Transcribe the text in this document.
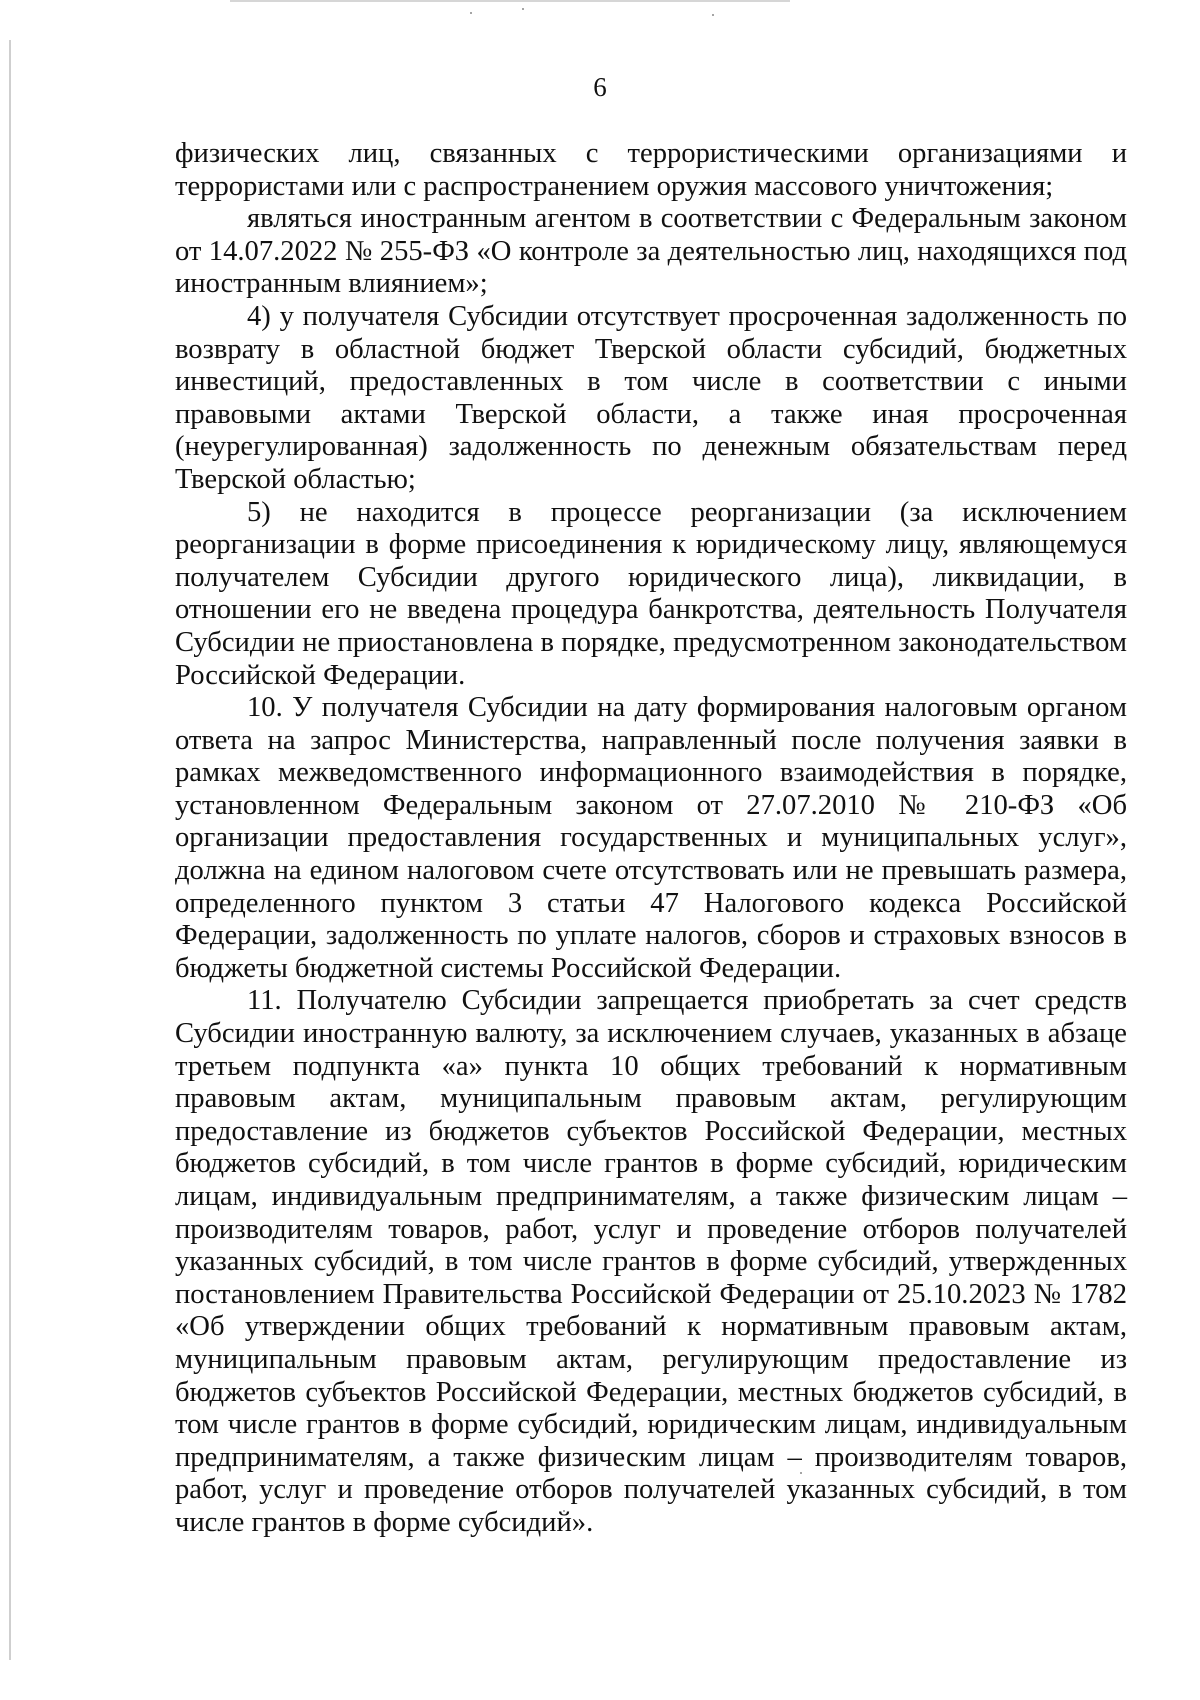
6

физических лиц, связанных с террористическими организациями и террористами или с распространением оружия массового уничтожения;

являться иностранным агентом в соответствии с Федеральным законом от 14.07.2022 № 255-ФЗ «О контроле за деятельностью лиц, находящихся под иностранным влиянием»;

4) у получателя Субсидии отсутствует просроченная задолженность по возврату в областной бюджет Тверской области субсидий, бюджетных инвестиций, предоставленных в том числе в соответствии с иными правовыми актами Тверской области, а также иная просроченная (неурегулированная) задолженность по денежным обязательствам перед Тверской областью;

5) не находится в процессе реорганизации (за исключением реорганизации в форме присоединения к юридическому лицу, являющемуся получателем Субсидии другого юридического лица), ликвидации, в отношении его не введена процедура банкротства, деятельность Получателя Субсидии не приостановлена в порядке, предусмотренном законодательством Российской Федерации.

10. У получателя Субсидии на дату формирования налоговым органом ответа на запрос Министерства, направленный после получения заявки в рамках межведомственного информационного взаимодействия в порядке, установленном Федеральным законом от 27.07.2010 № 210-ФЗ «Об организации предоставления государственных и муниципальных услуг», должна на едином налоговом счете отсутствовать или не превышать размера, определенного пунктом 3 статьи 47 Налогового кодекса Российской Федерации, задолженность по уплате налогов, сборов и страховых взносов в бюджеты бюджетной системы Российской Федерации.

11. Получателю Субсидии запрещается приобретать за счет средств Субсидии иностранную валюту, за исключением случаев, указанных в абзаце третьем подпункта «а» пункта 10 общих требований к нормативным правовым актам, муниципальным правовым актам, регулирующим предоставление из бюджетов субъектов Российской Федерации, местных бюджетов субсидий, в том числе грантов в форме субсидий, юридическим лицам, индивидуальным предпринимателям, а также физическим лицам – производителям товаров, работ, услуг и проведение отборов получателей указанных субсидий, в том числе грантов в форме субсидий, утвержденных постановлением Правительства Российской Федерации от 25.10.2023 № 1782 «Об утверждении общих требований к нормативным правовым актам, муниципальным правовым актам, регулирующим предоставление из бюджетов субъектов Российской Федерации, местных бюджетов субсидий, в том числе грантов в форме субсидий, юридическим лицам, индивидуальным предпринимателям, а также физическим лицам – производителям товаров, работ, услуг и проведение отборов получателей указанных субсидий, в том числе грантов в форме субсидий».
